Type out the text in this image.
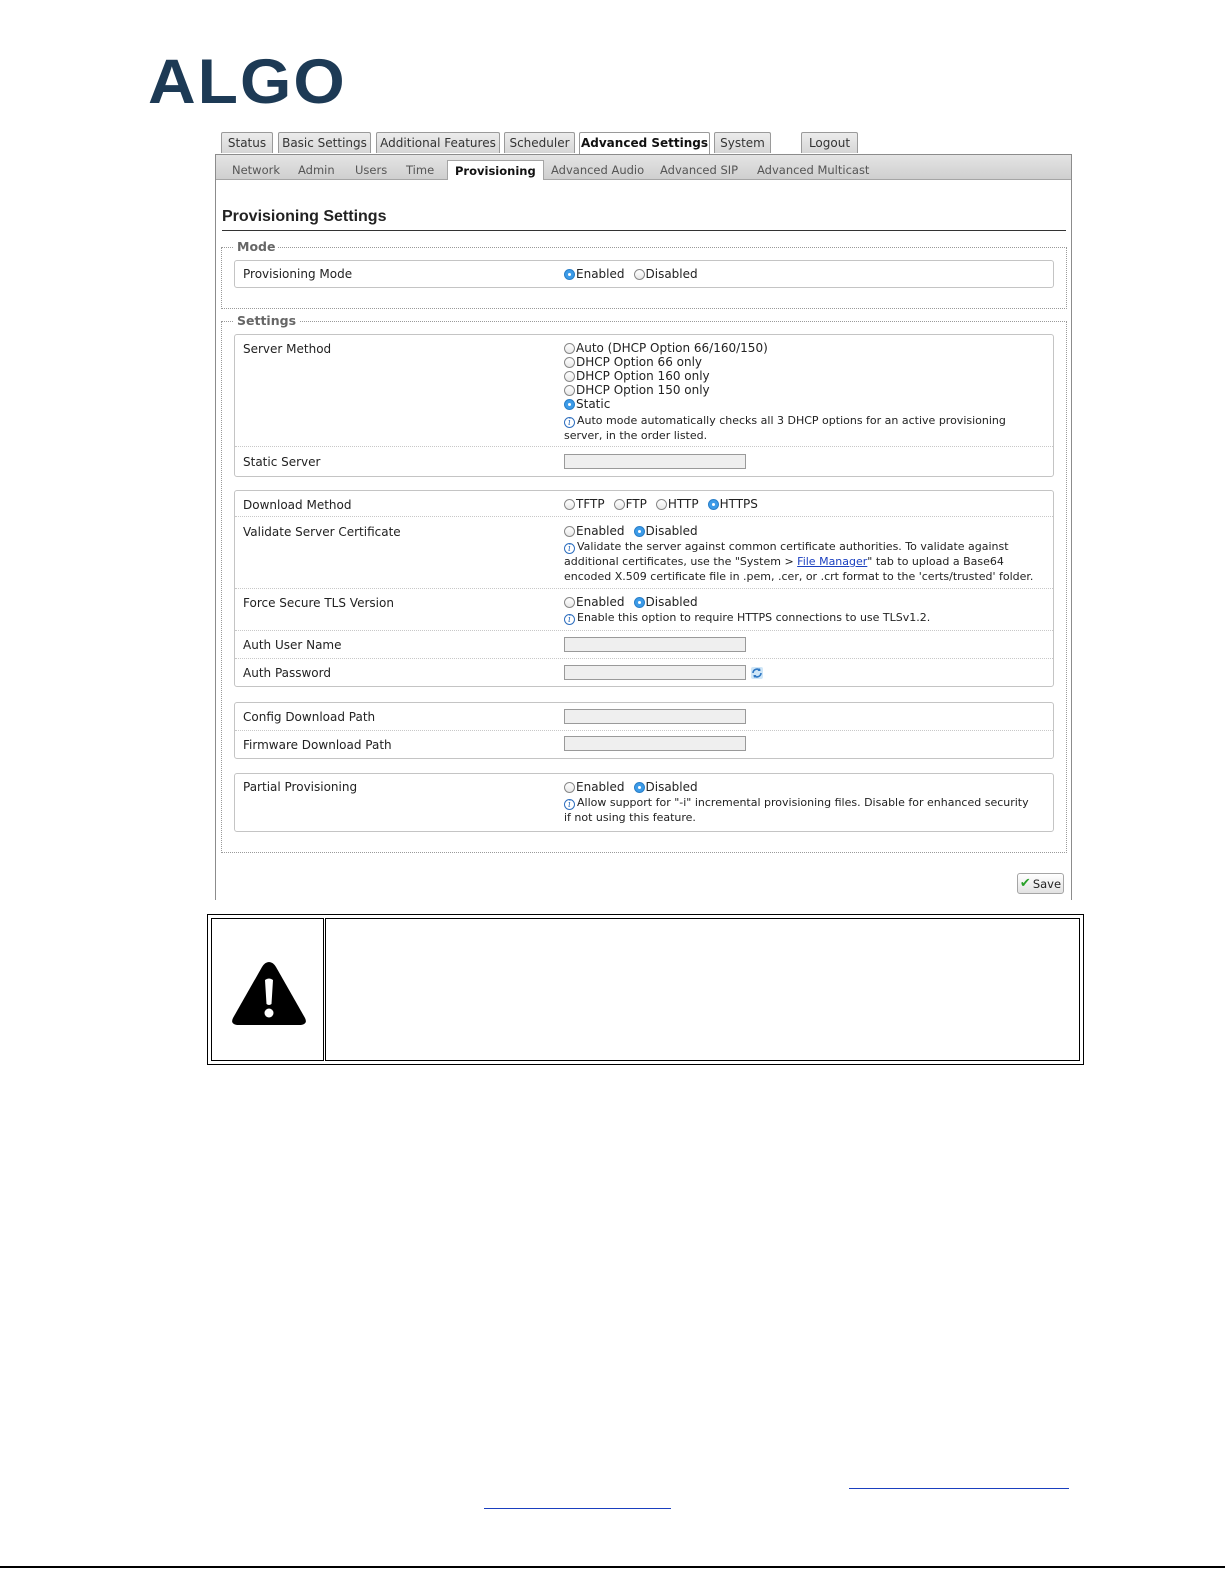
ALGO
Status	Basic Settings	Additional Features	Scheduler Advanced Settings	System	Logout
Network Admin Users Time	Provisioning	Advanced Audio Advanced SIP Advanced Multicast
Provisioning Settings
Mode
Provisioning Mode	Enabled Disabled
Settings
Server Method	Auto (DHCP Option 66/160/150)
DHCP Option 66 only
DHCP Option 160 only
DHCP Option 150 only
Static
i Auto mode automatically checks all 3 DHCP options for an active provisioning server, in the order listed.
Static Server
Download Method	TFTP FTP HTTP HTTPS
Validate Server Certificate	Enabled Disabled
i Validate the server against common certificate authorities. To validate against additional certificates, use the "System > File Manager" tab to upload a Base64 encoded X.509 certificate file in .pem, .cer, or .crt format to the 'certs/trusted' folder.
Force Secure TLS Version	Enabled Disabled
i Enable this option to require HTTPS connections to use TLSv1.2.
Auth User Name
Auth Password
Config Download Path
Firmware Download Path
Partial Provisioning	Enabled Disabled
i Allow support for "-i" incremental provisioning files. Disable for enhanced security if not using this feature.
✔ Save
